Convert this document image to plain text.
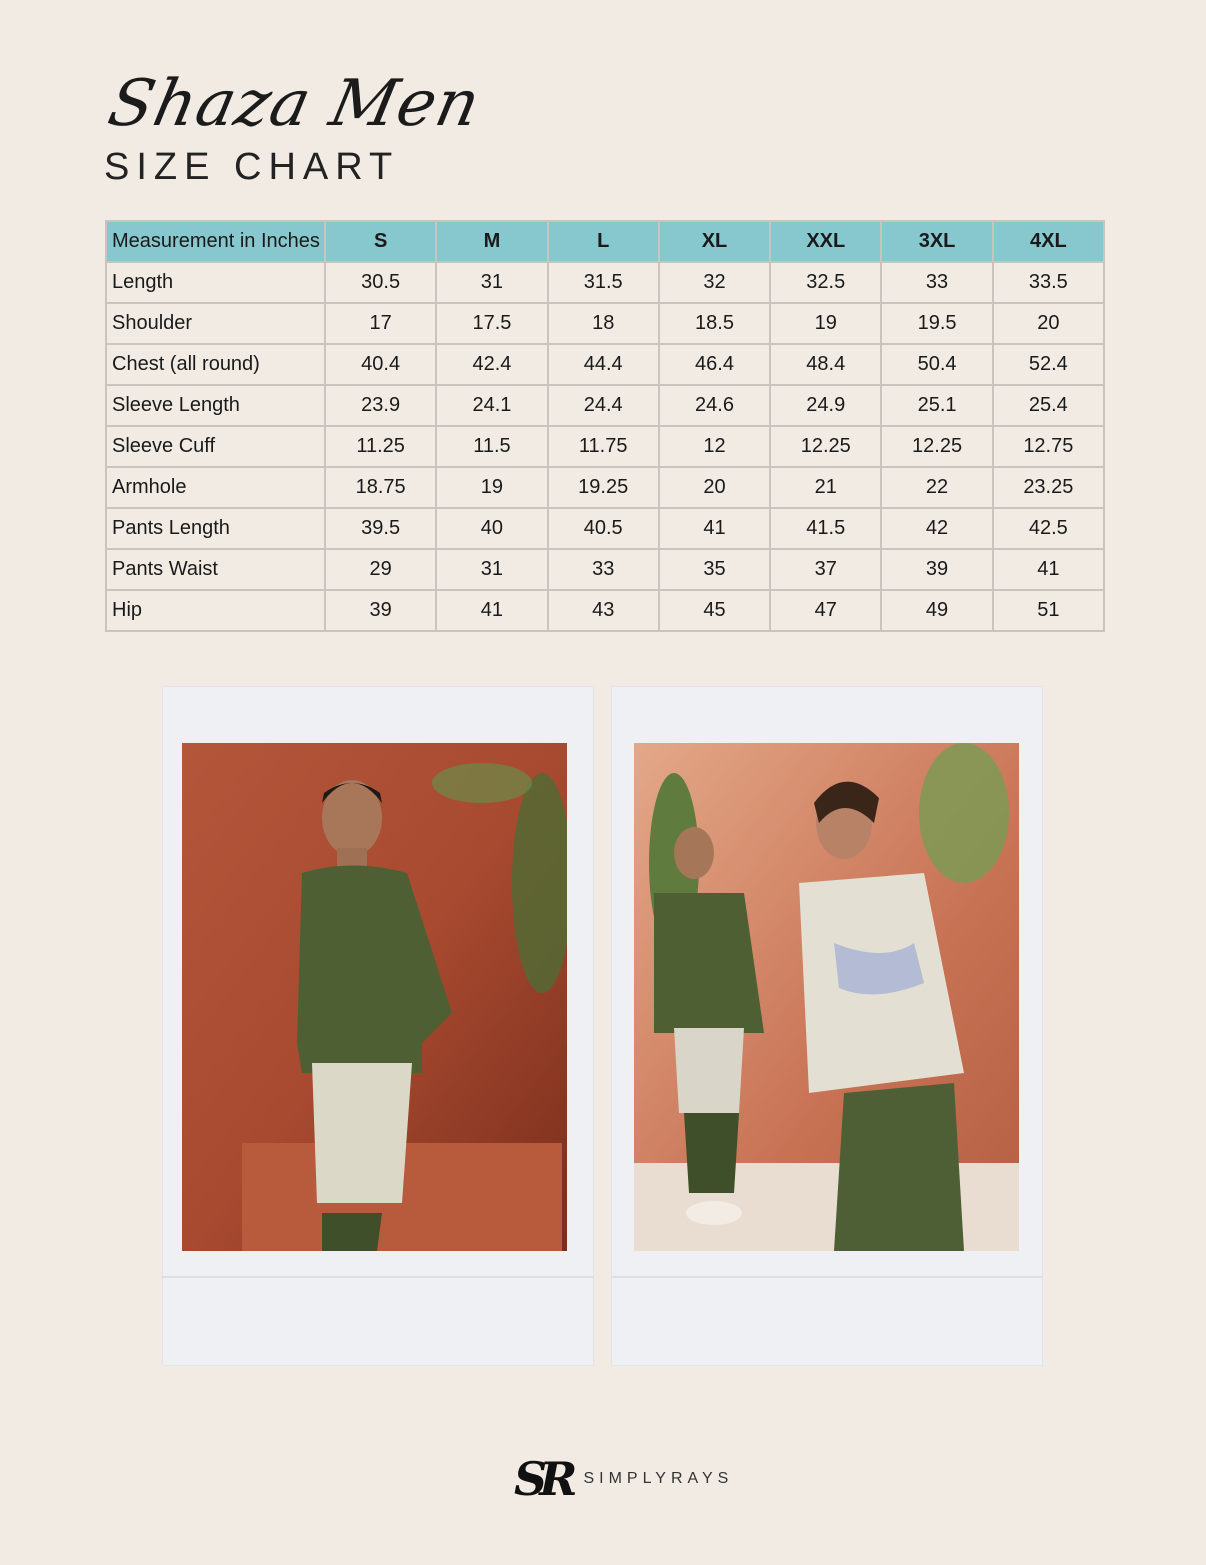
Shaza Men
SIZE CHART
Measurement in Inches	S	M	L	XL	XXL	3XL	4XL
Length	30.5	31	31.5	32	32.5	33	33.5
Shoulder	17	17.5	18	18.5	19	19.5	20
Chest (all round)	40.4	42.4	44.4	46.4	48.4	50.4	52.4
Sleeve Length	23.9	24.1	24.4	24.6	24.9	25.1	25.4
Sleeve Cuff	11.25	11.5	11.75	12	12.25	12.25	12.75
Armhole	18.75	19	19.25	20	21	22	23.25
Pants Length	39.5	40	40.5	41	41.5	42	42.5
Pants Waist	29	31	33	35	37	39	41
Hip	39	41	43	45	47	49	51
SR SIMPLYRAYS
